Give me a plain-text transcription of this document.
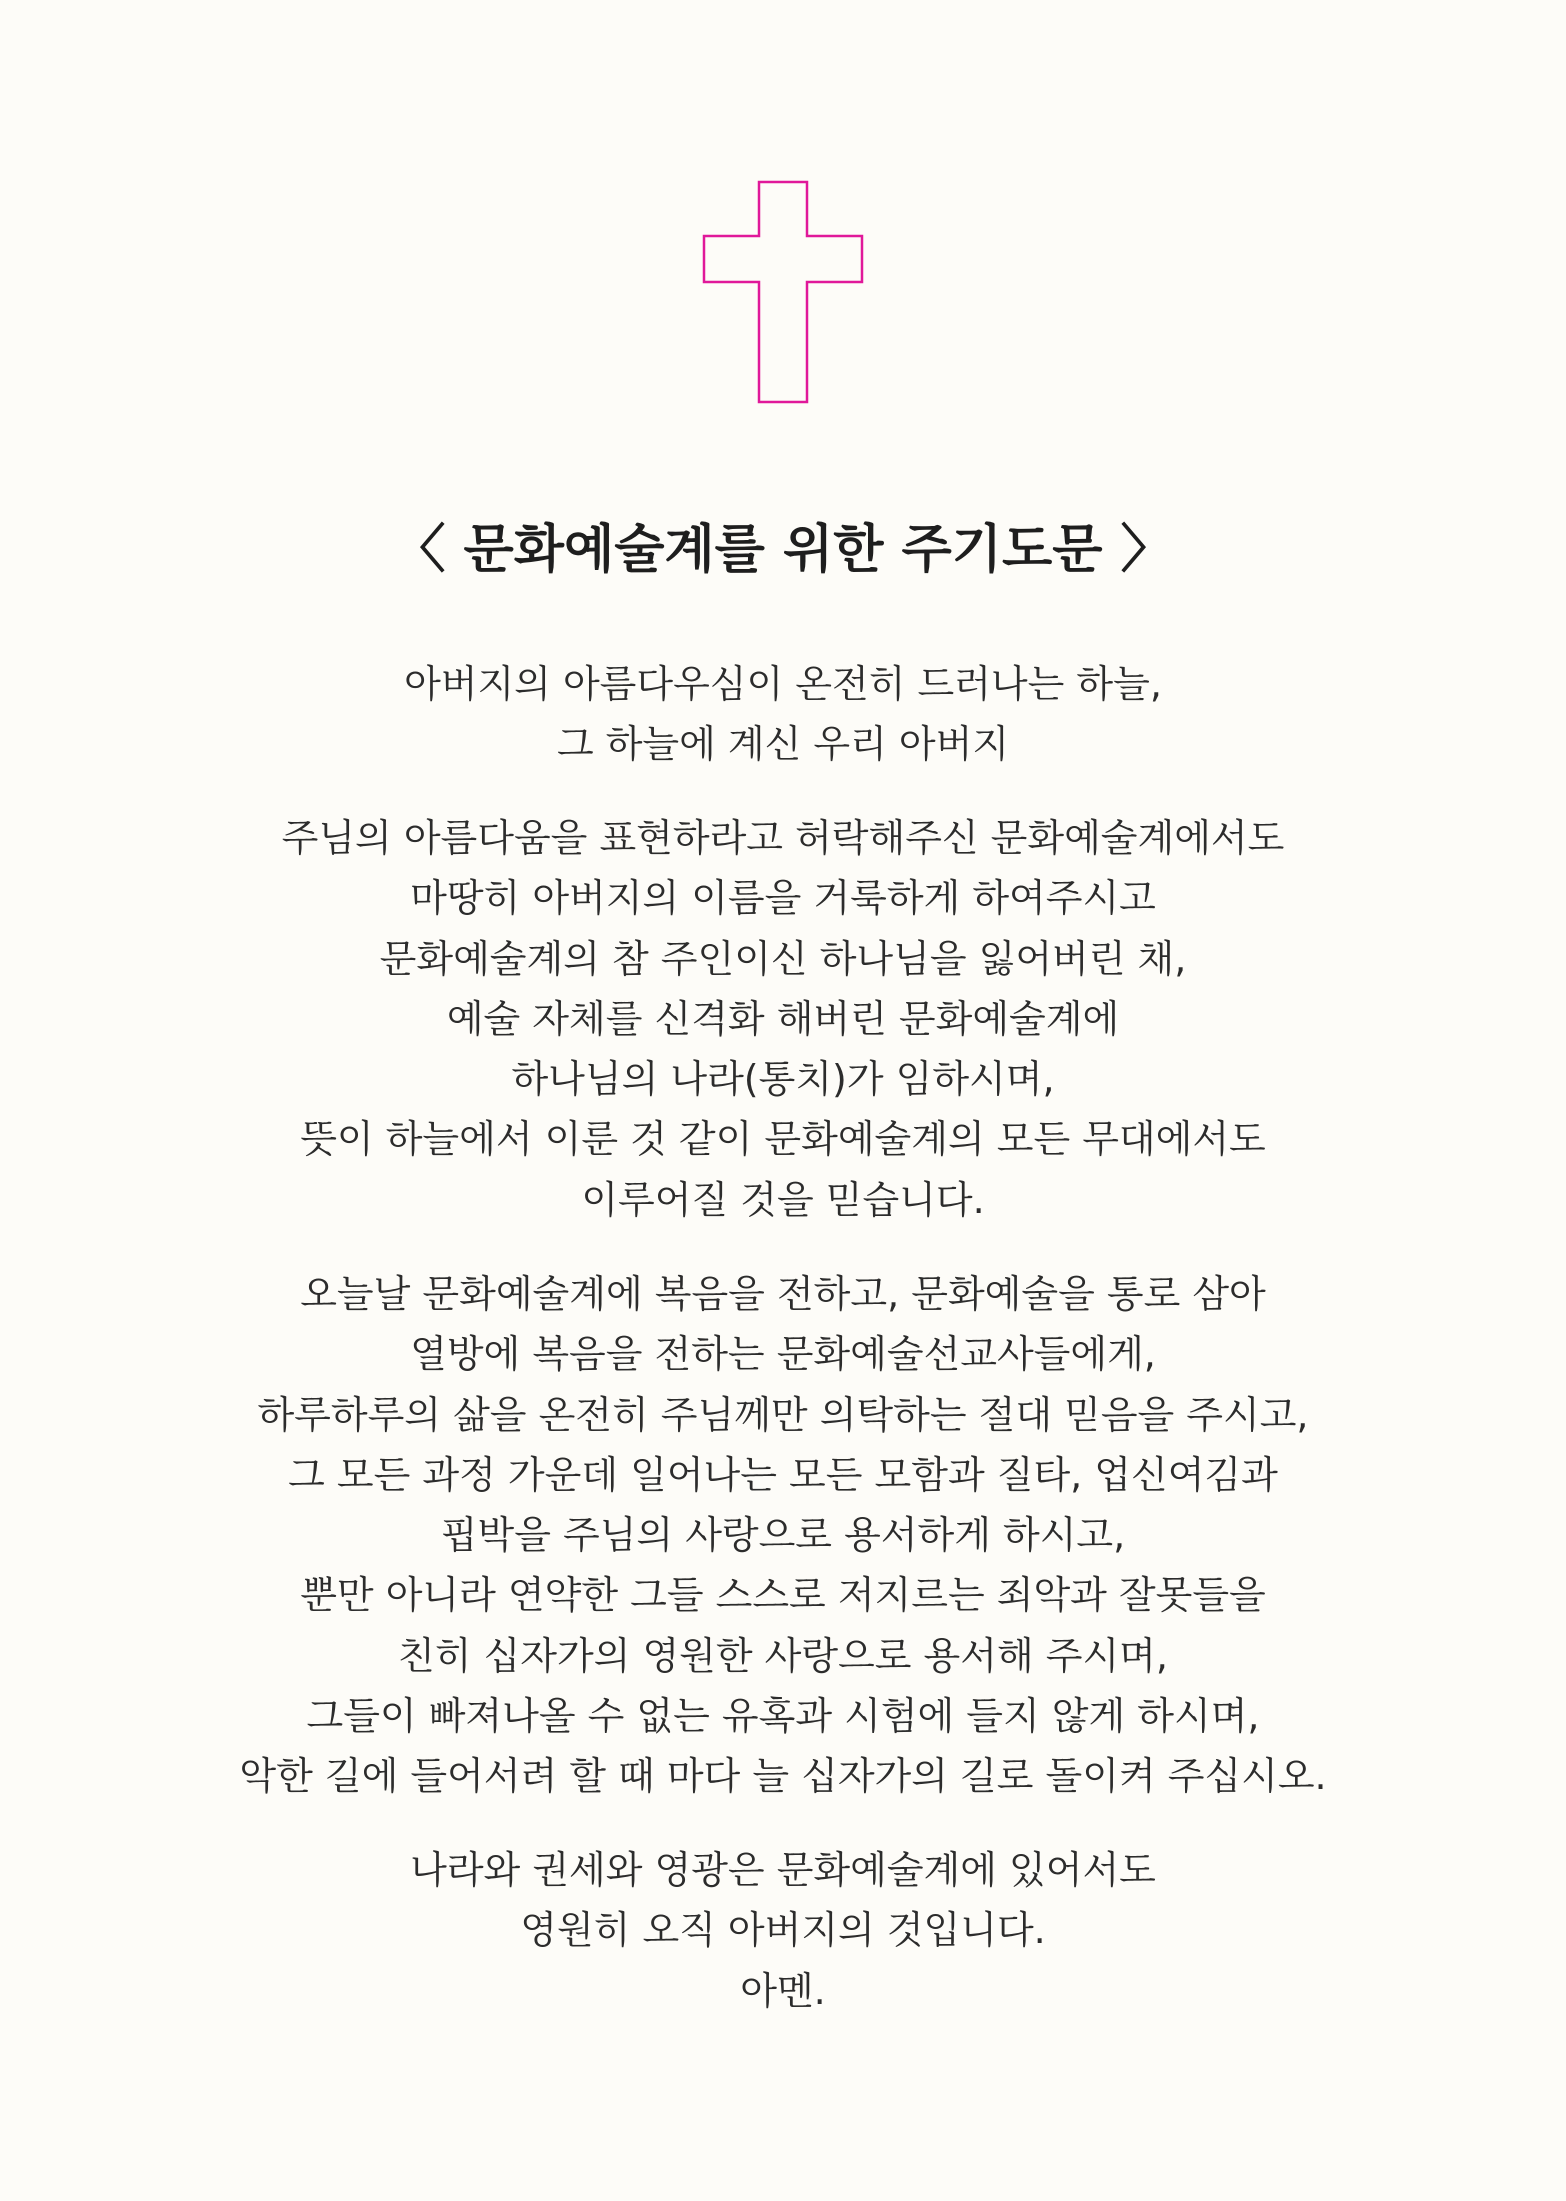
〈 문화예술계를 위한 주기도문 〉
아버지의 아름다우심이 온전히 드러나는 하늘,
그 하늘에 계신 우리 아버지
주님의 아름다움을 표현하라고 허락해주신 문화예술계에서도
마땅히 아버지의 이름을 거룩하게 하여주시고
문화예술계의 참 주인이신 하나님을 잃어버린 채,
예술 자체를 신격화 해버린 문화예술계에
하나님의 나라(통치)가 임하시며,
뜻이 하늘에서 이룬 것 같이 문화예술계의 모든 무대에서도
이루어질 것을 믿습니다.
오늘날 문화예술계에 복음을 전하고, 문화예술을 통로 삼아
열방에 복음을 전하는 문화예술선교사들에게,
하루하루의 삶을 온전히 주님께만 의탁하는 절대 믿음을 주시고,
그 모든 과정 가운데 일어나는 모든 모함과 질타, 업신여김과
핍박을 주님의 사랑으로 용서하게 하시고,
뿐만 아니라 연약한 그들 스스로 저지르는 죄악과 잘못들을
친히 십자가의 영원한 사랑으로 용서해 주시며,
그들이 빠져나올 수 없는 유혹과 시험에 들지 않게 하시며,
악한 길에 들어서려 할 때 마다 늘 십자가의 길로 돌이켜 주십시오.
나라와 권세와 영광은 문화예술계에 있어서도
영원히 오직 아버지의 것입니다.
아멘.
